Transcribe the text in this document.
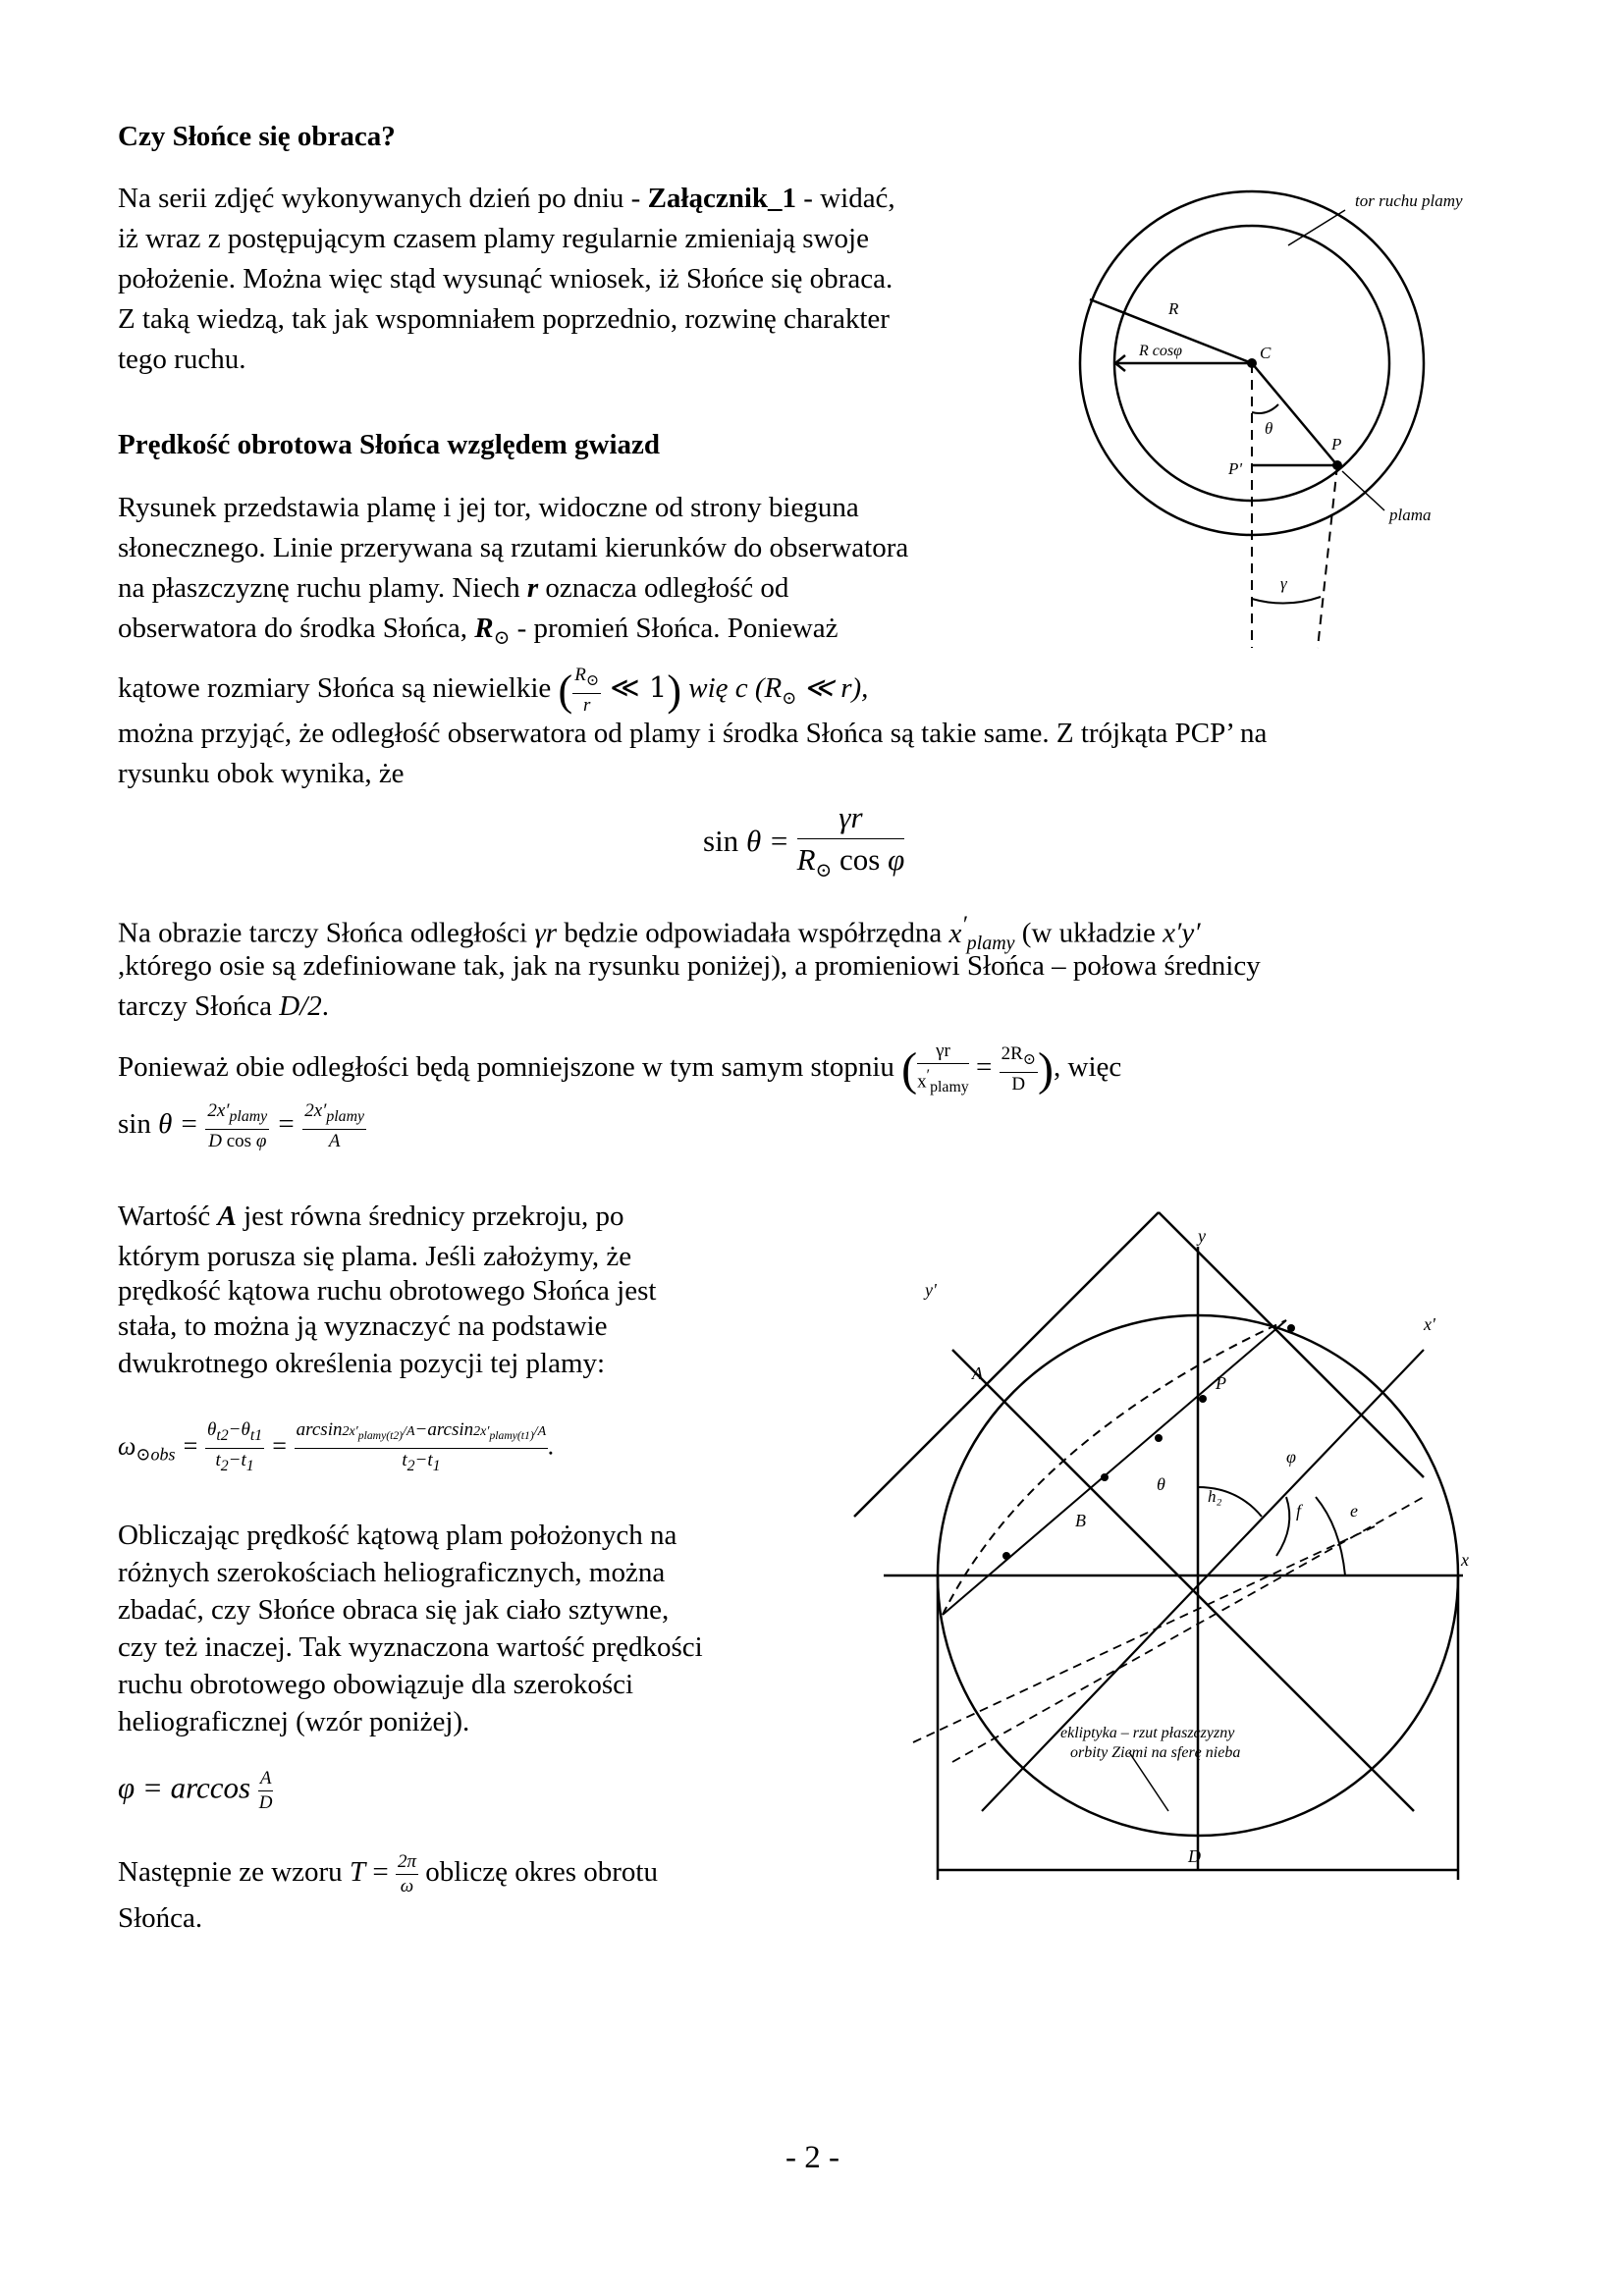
Czy Słońce się obraca?
Na serii zdjęć wykonywanych dzień po dniu - Załącznik_1 - widać,
iż wraz z postępującym czasem plamy regularnie zmieniają swoje
położenie. Można więc stąd wysunąć wniosek, iż Słońce się obraca.
Z taką wiedzą, tak jak wspomniałem poprzednio, rozwinę charakter
tego ruchu.
Prędkość obrotowa Słońca względem gwiazd
Rysunek przedstawia plamę i jej tor, widoczne od strony bieguna
słonecznego. Linie przerywana są rzutami kierunków do obserwatora
na płaszczyznę ruchu plamy. Niech r oznacza odległość od
obserwatora do środka Słońca, $R_⊙$ - promień Słońca. Ponieważ
kątowe rozmiary Słońca są niewielkie ( $\frac{R_⊙}{r}$ ≪ 1) wię c ($R_⊙$ ≪ r),
można przyjąć, że odległość obserwatora od plamy i środka Słońca są takie same. Z trójkąta PCP’ na
rysunku obok wynika, że
$\sin \theta = \frac{\gamma r}{R_⊙ \cos \varphi}$
Na obrazie tarczy Słońca odległości γr będzie odpowiadała współrzędna $x'_{plamy}$ (w układzie x′y′
,którego osie są zdefiniowane tak, jak na rysunku poniżej), a promieniowi Słońca – połowa średnicy
tarczy Słońca D/2.
Ponieważ obie odległości będą pomniejszone w tym samym stopniu ( $\frac{\gamma r}{x'_{plamy}} = \frac{2R_⊙}{D}$ ), więc
$\sin \theta = \frac{2x'_{plamy}}{\text{D cos φ}} = \frac{2x'_{plamy}}{A}$
Wartość A jest równa średnicy przekroju, po
którym porusza się plama. Jeśli założymy, że
prędkość kątowa ruchu obrotowego Słońca jest
stała, to można ją wyznaczyć na podstawie
dwukrotnego określenia pozycji tej plamy:
$\omega_{⊙obs} = \frac{\theta_{t2}-\theta_{t1}}{t_2-t_1} = \frac{\arcsin 2x'_{plamy(t2)}/A-\arcsin 2x'_{plamy(t1)}/A}{t_2-t_1}$ .
Obliczając prędkość kątową plam położonych na
różnych szerokościach heliograficznych, można
zbadać, czy Słońce obraca się jak ciało sztywne,
czy też inaczej. Tak wyznaczona wartość prędkości
ruchu obrotowego obowiązuje dla szerokości
heliograficznej (wzór poniżej).
$\varphi = \arccos \frac{A}{D}$
Następnie ze wzoru $T = \frac{2\pi}{\omega}$ obliczę okres obrotu
Słońca.
tor ruchu plamy
plama
R
R cosφ	C
P
P'
θ
γ
y
y'
x'
x
A	P
B
θ
h₂
φ
f	e
D
ekliptyka – rzut płaszczyzny
orbity Ziemi na sferę nieba
- 2 -
